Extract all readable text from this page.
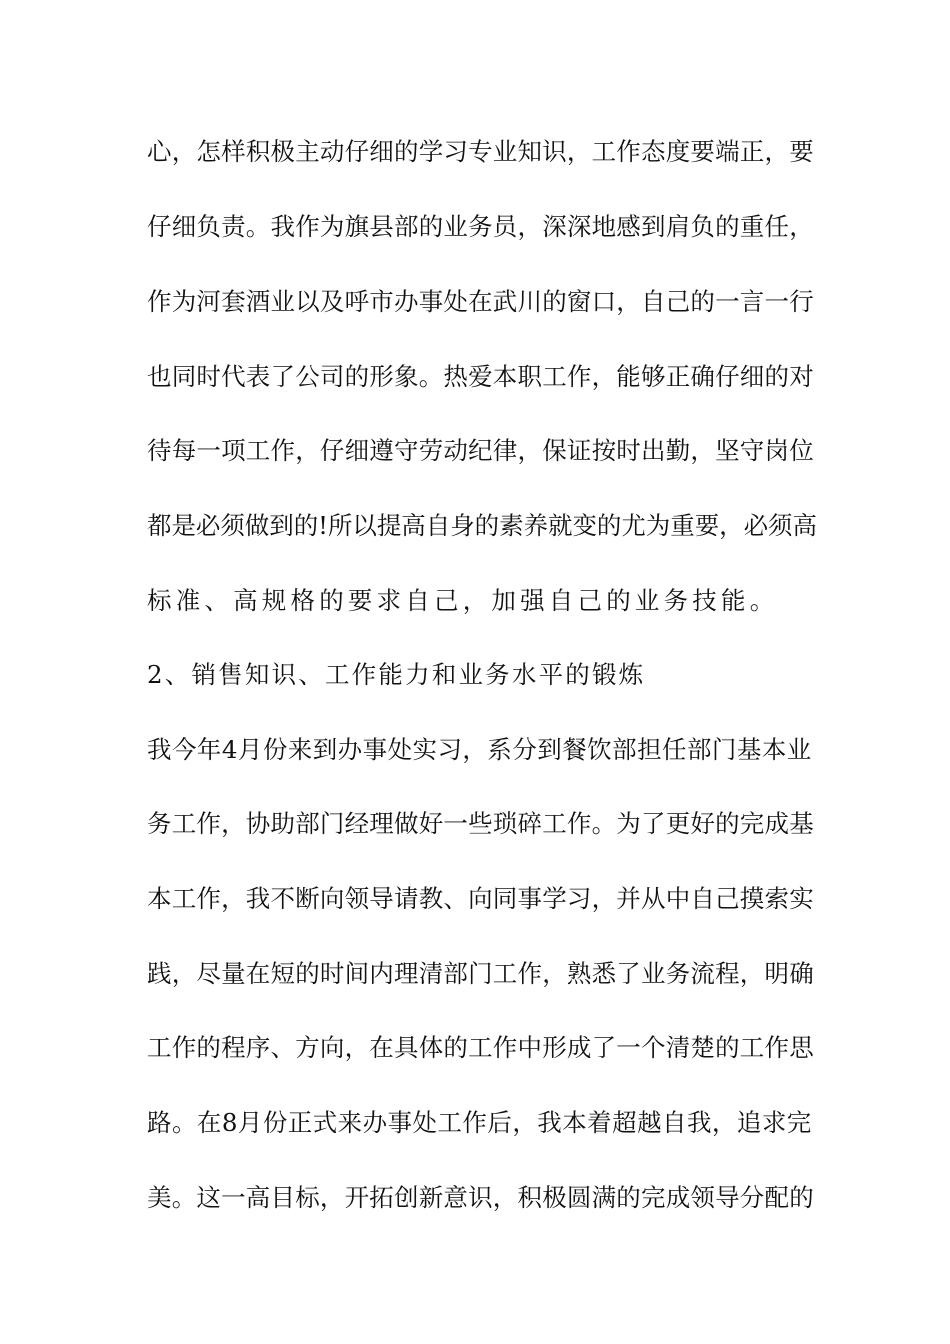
心，怎样积极主动仔细的学习专业知识，工作态度要端正，要
仔细负责。我作为旗县部的业务员，深深地感到肩负的重任，
作为河套酒业以及呼市办事处在武川的窗口，自己的一言一行
也同时代表了公司的形象。热爱本职工作，能够正确仔细的对
待每一项工作，仔细遵守劳动纪律，保证按时出勤，坚守岗位
都是必须做到的!所以提高自身的素养就变的尤为重要，必须高
标准、高规格的要求自己，加强自己的业务技能。
2、销售知识、工作能力和业务水平的锻炼
我今年4月份来到办事处实习，系分到餐饮部担任部门基本业
务工作，协助部门经理做好一些琐碎工作。为了更好的完成基
本工作，我不断向领导请教、向同事学习，并从中自己摸索实
践，尽量在短的时间内理清部门工作，熟悉了业务流程，明确
工作的程序、方向，在具体的工作中形成了一个清楚的工作思
路。在8月份正式来办事处工作后，我本着超越自我，追求完
美。这一高目标，开拓创新意识，积极圆满的完成领导分配的
